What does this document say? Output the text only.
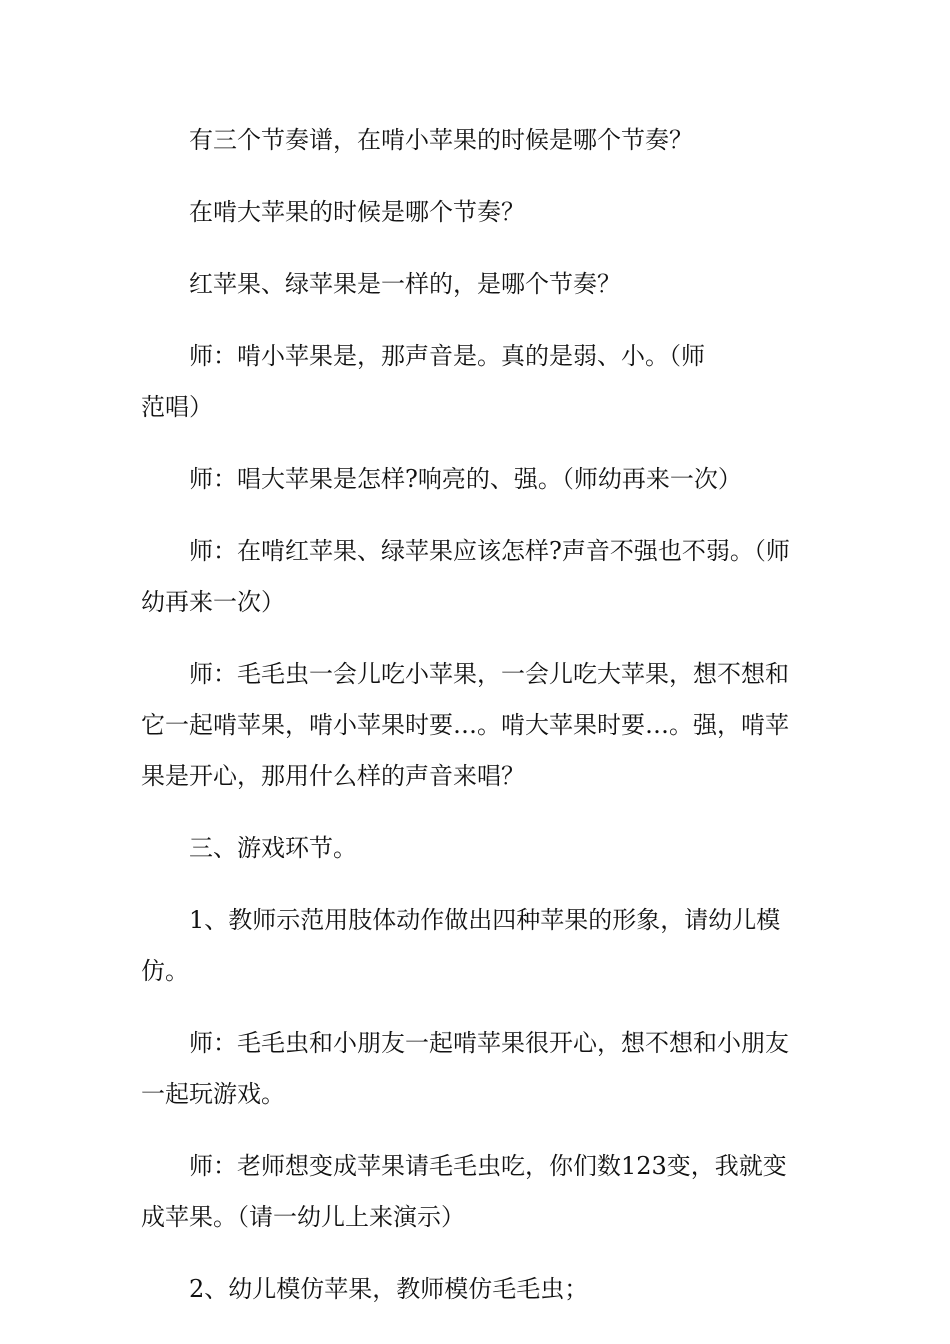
有三个节奏谱，在啃小苹果的时候是哪个节奏？

在啃大苹果的时候是哪个节奏？

红苹果、绿苹果是一样的，是哪个节奏？

师：啃小苹果是，那声音是。真的是弱、小。（师
范唱）

师：唱大苹果是怎样?响亮的、强。（师幼再来一次）

师：在啃红苹果、绿苹果应该怎样?声音不强也不弱。（师幼再来一次）

师：毛毛虫一会儿吃小苹果，一会儿吃大苹果，想不想和它一起啃苹果，啃小苹果时要…。啃大苹果时要…。强，啃苹果是开心，那用什么样的声音来唱？

三、游戏环节。

1、教师示范用肢体动作做出四种苹果的形象，请幼儿模仿。

师：毛毛虫和小朋友一起啃苹果很开心，想不想和小朋友一起玩游戏。

师：老师想变成苹果请毛毛虫吃，你们数123变，我就变成苹果。（请一幼儿上来演示）

2、幼儿模仿苹果，教师模仿毛毛虫；
